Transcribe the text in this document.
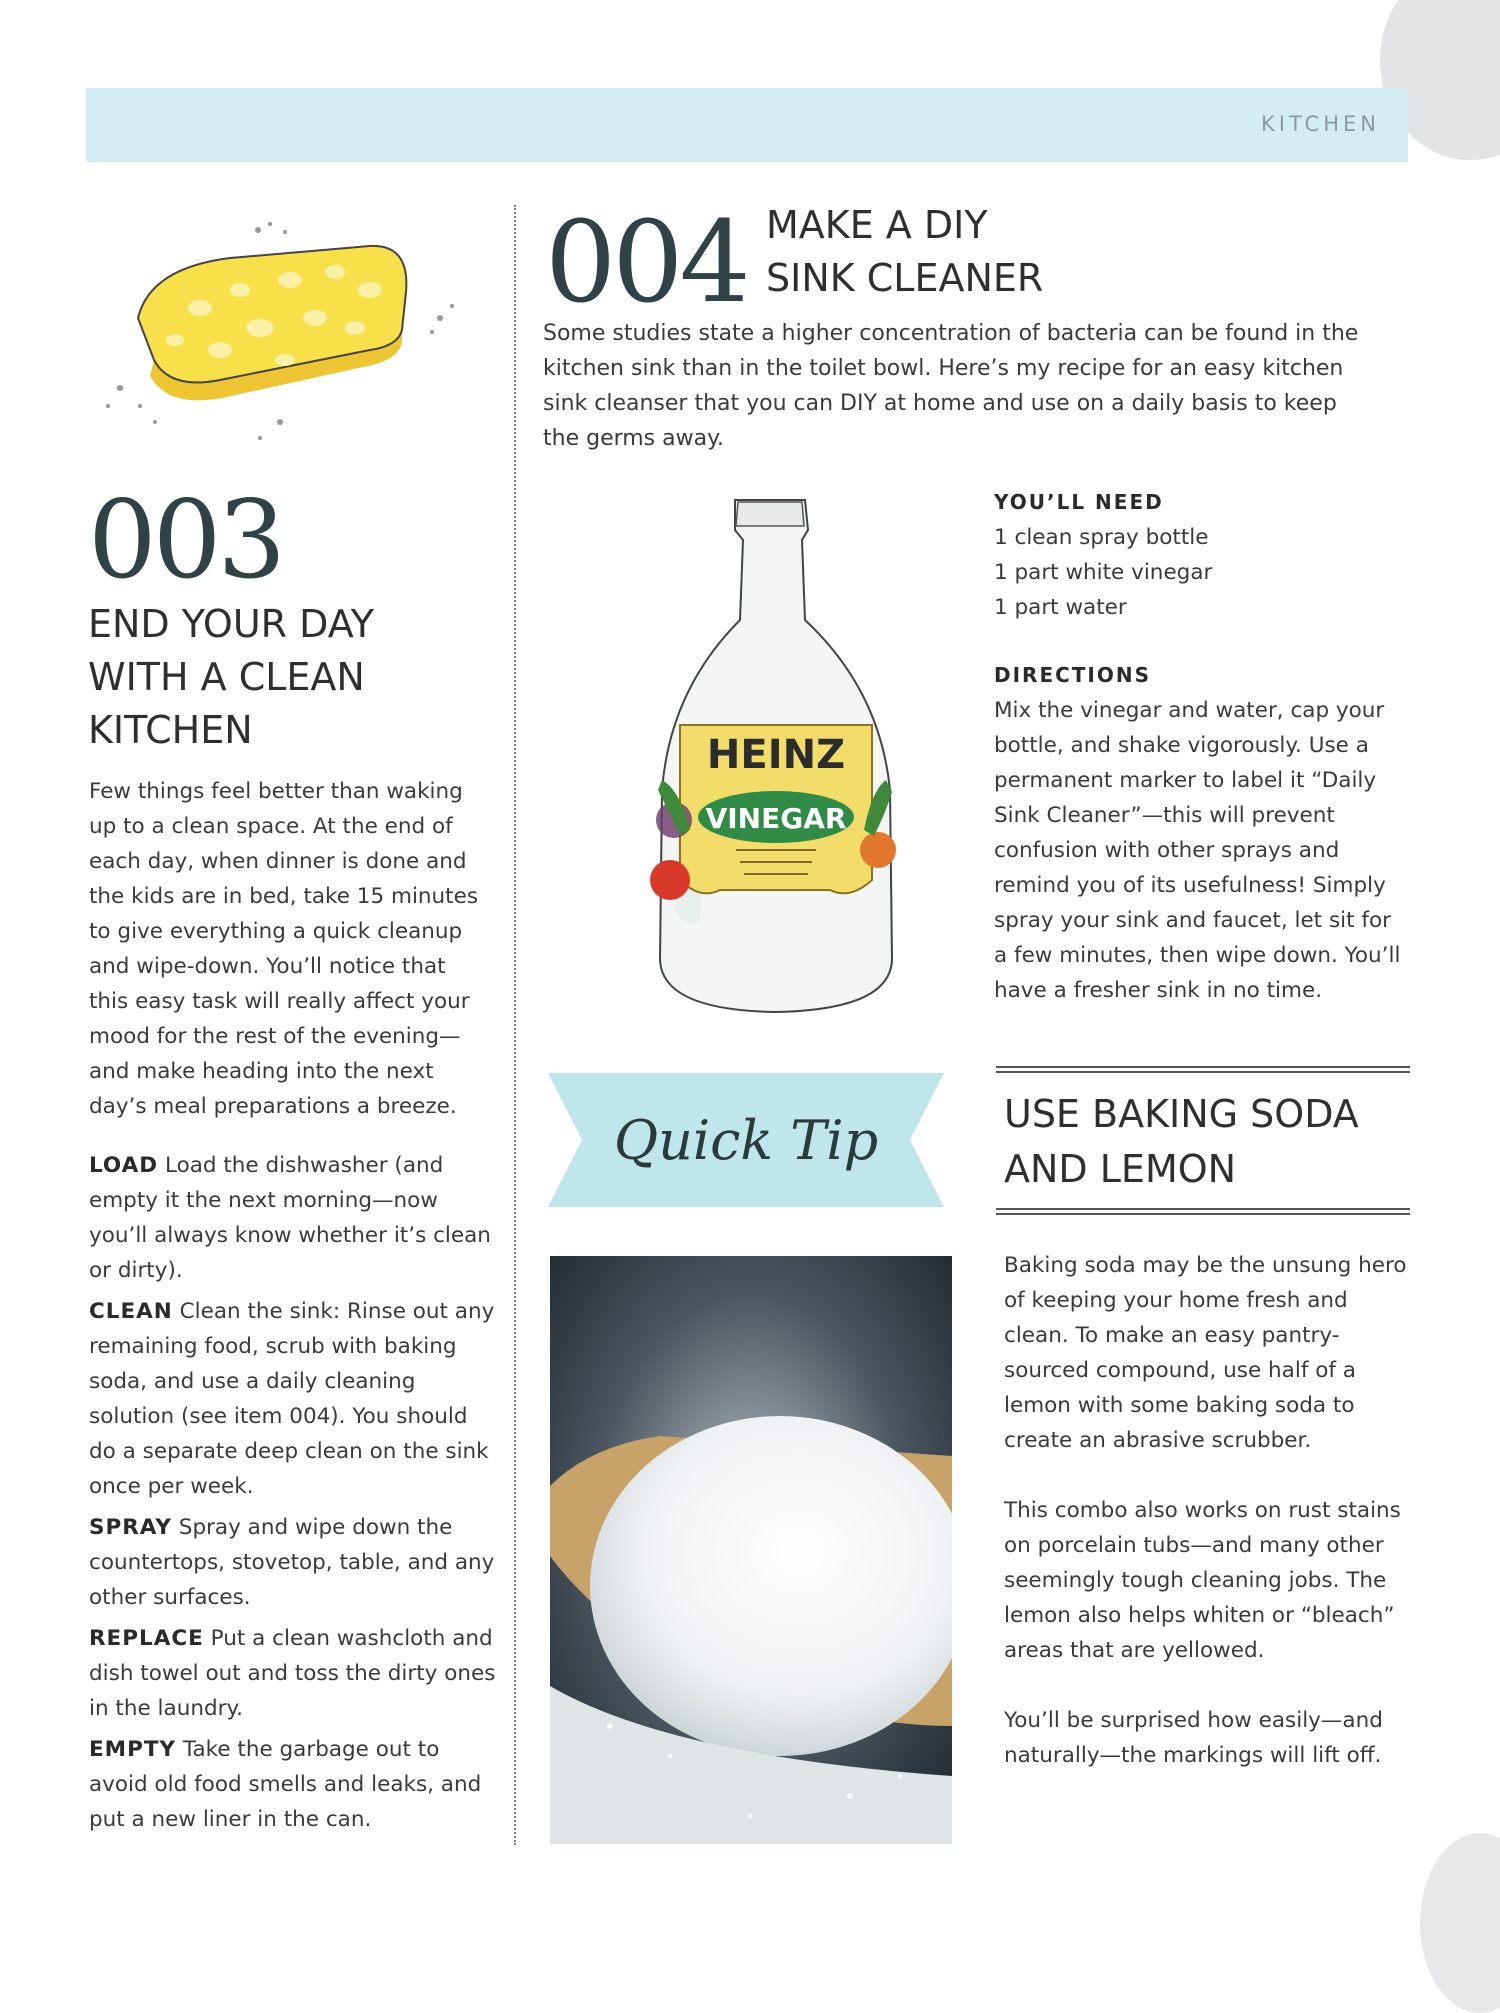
KITCHEN
003
END YOUR DAY
WITH A CLEAN
KITCHEN
Few things feel better than waking up to a clean space. At the end of each day, when dinner is done and the kids are in bed, take 15 minutes to give everything a quick cleanup and wipe-down. You’ll notice that this easy task will really affect your mood for the rest of the evening—and make heading into the next day’s meal preparations a breeze.

LOAD Load the dishwasher (and empty it the next morning—now you’ll always know whether it’s clean or dirty).

CLEAN Clean the sink: Rinse out any remaining food, scrub with baking soda, and use a daily cleaning solution (see item 004). You should do a separate deep clean on the sink once per week.

SPRAY Spray and wipe down the countertops, stovetop, table, and any other surfaces.

REPLACE Put a clean washcloth and dish towel out and toss the dirty ones in the laundry.

EMPTY Take the garbage out to avoid old food smells and leaks, and put a new liner in the can.

004 MAKE A DIY
SINK CLEANER
Some studies state a higher concentration of bacteria can be found in the kitchen sink than in the toilet bowl. Here’s my recipe for an easy kitchen sink cleanser that you can DIY at home and use on a daily basis to keep the germs away.
HEINZ
VINEGAR
YOU’LL NEED
1 clean spray bottle
1 part white vinegar
1 part water
DIRECTIONS
Mix the vinegar and water, cap your bottle, and shake vigorously. Use a permanent marker to label it “Daily Sink Cleaner”—this will prevent confusion with other sprays and remind you of its usefulness! Simply spray your sink and faucet, let sit for a few minutes, then wipe down. You’ll have a fresher sink in no time.
Quick Tip	USE BAKING SODA
AND LEMON

Baking soda may be the unsung hero of keeping your home fresh and clean. To make an easy pantry-sourced compound, use half of a lemon with some baking soda to create an abrasive scrubber.

This combo also works on rust stains on porcelain tubs—and many other seemingly tough cleaning jobs. The lemon also helps whiten or “bleach” areas that are yellowed.

You’ll be surprised how easily—and naturally—the markings will lift off.
